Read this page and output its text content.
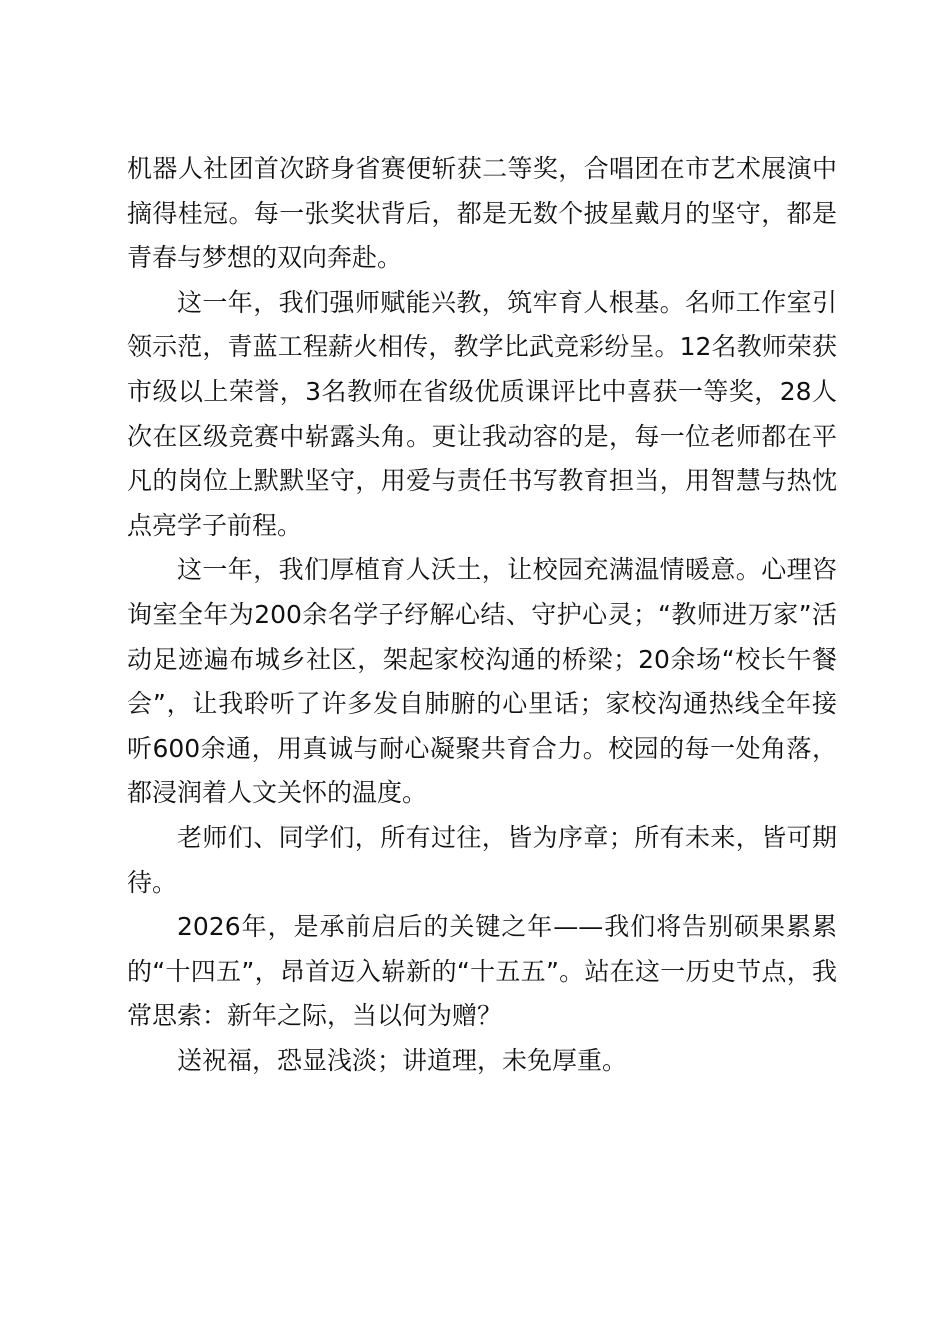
机器人社团首次跻身省赛便斩获二等奖，合唱团在市艺术展演中摘得桂冠。每一张奖状背后，都是无数个披星戴月的坚守，都是青春与梦想的双向奔赴。

这一年，我们强师赋能兴教，筑牢育人根基。名师工作室引领示范，青蓝工程薪火相传，教学比武竞彩纷呈。12名教师荣获市级以上荣誉，3名教师在省级优质课评比中喜获一等奖，28人次在区级竞赛中崭露头角。更让我动容的是，每一位老师都在平凡的岗位上默默坚守，用爱与责任书写教育担当，用智慧与热忱点亮学子前程。

这一年，我们厚植育人沃土，让校园充满温情暖意。心理咨询室全年为200余名学子纾解心结、守护心灵；“教师进万家”活动足迹遍布城乡社区，架起家校沟通的桥梁；20余场“校长午餐会”，让我聆听了许多发自肺腑的心里话；家校沟通热线全年接听600余通，用真诚与耐心凝聚共育合力。校园的每一处角落，都浸润着人文关怀的温度。

老师们、同学们，所有过往，皆为序章；所有未来，皆可期待。

2026年，是承前启后的关键之年——我们将告别硕果累累的“十四五”，昂首迈入崭新的“十五五”。站在这一历史节点，我常思索：新年之际，当以何为赠？

送祝福，恐显浅淡；讲道理，未免厚重。
